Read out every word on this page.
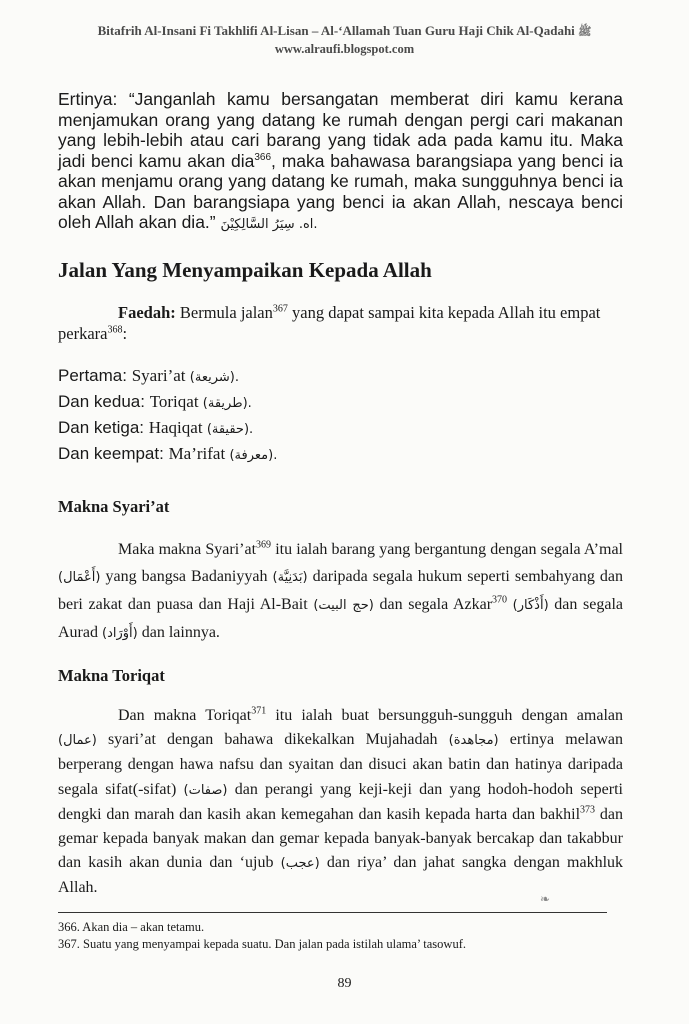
Bitafrih Al-Insani Fi Takhlifi Al-Lisan – Al-‘Allamah Tuan Guru Haji Chik Al-Qadahi ﷺ
www.alraufi.blogspot.com
Ertinya: “Janganlah kamu bersangatan memberat diri kamu kerana menjamukan orang yang datang ke rumah dengan pergi cari makanan yang lebih-lebih atau cari barang yang tidak ada pada kamu itu. Maka jadi benci kamu akan dia$^{366}$, maka bahawasa barangsiapa yang benci ia akan menjamu orang yang datang ke rumah, maka sungguhnya benci ia akan Allah. Dan barangsiapa yang benci ia akan Allah, nescaya benci oleh Allah akan dia.” اه. سِيَرُ السَّالِكِيْنَ.
Jalan Yang Menyampaikan Kepada Allah
Faedah: Bermula jalan$^{367}$ yang dapat sampai kita kepada Allah itu empat perkara$^{368}$:
Pertama: Syari’at (شريعة).
Dan kedua: Toriqat (طريقة).
Dan ketiga: Haqiqat (حقيقة).
Dan keempat: Ma’rifat (معرفة).
Makna Syari’at
Maka makna $Syari’at^{369}$ itu ialah barang yang bergantung dengan segala A’mal (أَعْمَال) yang bangsa Badaniyyah (بَدَنِيَّة) daripada segala hukum seperti sembahyang dan beri zakat dan puasa dan Haji Al-Bait (حج البيت) dan segala Azkar$^{370}$ (أَذْكَار) dan segala Aurad (أَوْرَاد) dan lainnya.
Makna Toriqat
Dan makna Toriqat$^{371}$ itu ialah buat bersungguh-sungguh dengan amalan (عمال) syari’at dengan bahawa dikekalkan Mujahadah (مجاهدة) ertinya melawan berperang dengan hawa nafsu dan syaitan dan disuci akan batin dan hatinya daripada segala sifat(-sifat) (صفات) dan perangi yang keji-keji dan yang hodoh-hodoh seperti dengki dan marah dan kasih akan kemegahan dan kasih kepada harta dan bakhil$^{373}$ dan gemar kepada banyak makan dan gemar kepada banyak-banyak bercakap dan takabbur dan kasih akan dunia dan ‘ujub (عجب) dan riya’ dan jahat sangka dengan makhluk Allah.
❧
366. Akan dia – akan tetamu.
367. Suatu yang menyampai kepada suatu. Dan jalan pada istilah ulama’ tasowuf.
89
